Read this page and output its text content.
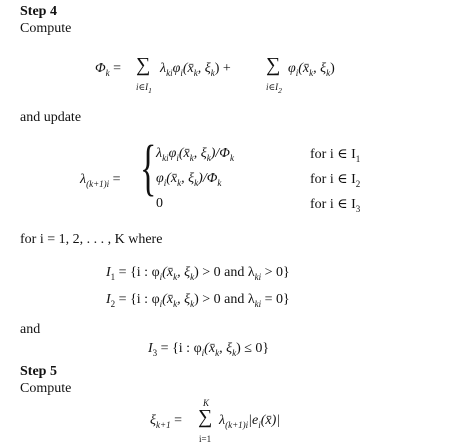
Step 4
Compute
$\Phi_k$ = ∑
$i\in I_1$
$\lambda_{ki}\varphi_i(x̄_k$, $\xi_k$) + ∑
$i\in I_2$
$\varphi_i(x̄_k$, $\xi_k$)
and update
$\lambda_{(k+1)i}$ = { $\lambda_{ki}\varphi_i(x̄_k$, $\xi_k)/\Phi_k$	for i ∈ $I_1$
$\varphi_i(x̄_k$, $\xi_k)/\Phi_k$	for i ∈ $I_2$
0	for i ∈ $I_3$
for i = 1, 2, . . . , K where
$I_1 = \{i$ : $\varphi_i(x̄_k$, $\xi_k) > 0$ and $\lambda_{ki} > 0$}
$I_2 = \{i$ : $\varphi_i(x̄_k$, $\xi_k) > 0$ and $\lambda_{ki} = 0$}
and
$I_3 = \{i$ : $\varphi_i(x̄_k$, $\xi_k) \le 0$}
Step 5
Compute
$\xi_{k+1}$ =
K
∑
i=1
$\lambda_{(k+1)i}|e_i(x̄)|$
